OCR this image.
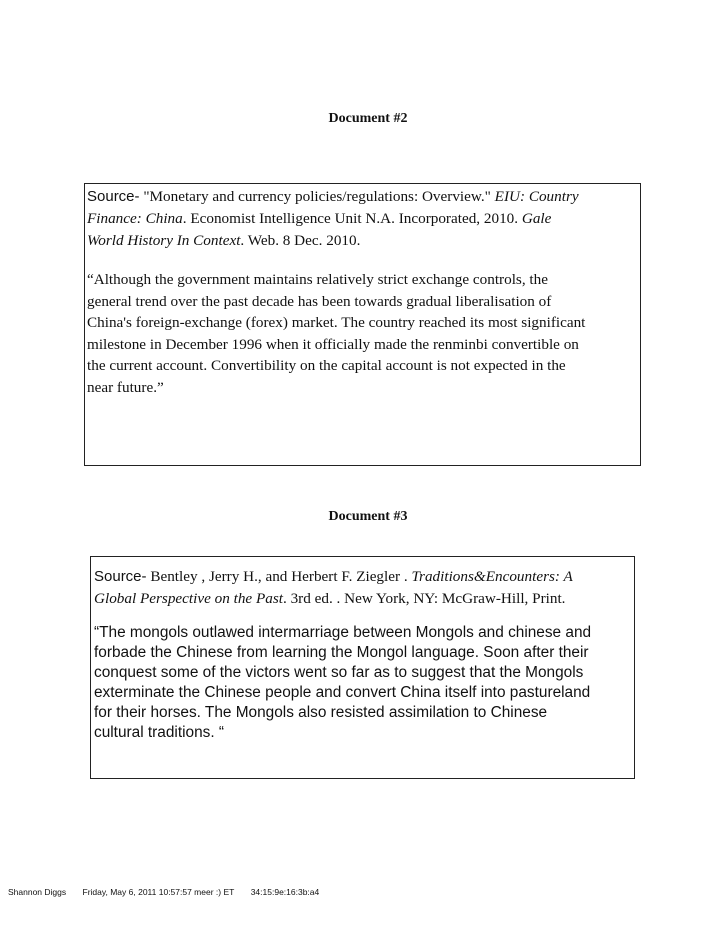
Document #2
Source- "Monetary and currency policies/regulations: Overview." EIU: Country
Finance: China. Economist Intelligence Unit N.A. Incorporated, 2010. Gale
World History In Context. Web. 8 Dec. 2010.
“Although the government maintains relatively strict exchange controls, the
general trend over the past decade has been towards gradual liberalisation of
China's foreign-exchange (forex) market. The country reached its most significant
milestone in December 1996 when it officially made the renminbi convertible on
the current account. Convertibility on the capital account is not expected in the
near future.”
Document #3
Source- Bentley , Jerry H., and Herbert F. Ziegler . Traditions&Encounters: A
Global Perspective on the Past. 3rd ed. . New York, NY: McGraw-Hill, Print.
“The mongols outlawed intermarriage between Mongols and chinese and
forbade the Chinese from learning the Mongol language. Soon after their
conquest some of the victors went so far as to suggest that the Mongols
exterminate the Chinese people and convert China itself into pastureland
for their horses. The Mongols also resisted assimilation to Chinese
cultural traditions. “
Shannon Diggs Friday, May 6, 2011 10:57:57 meer :) ET 34:15:9e:16:3b:a4
